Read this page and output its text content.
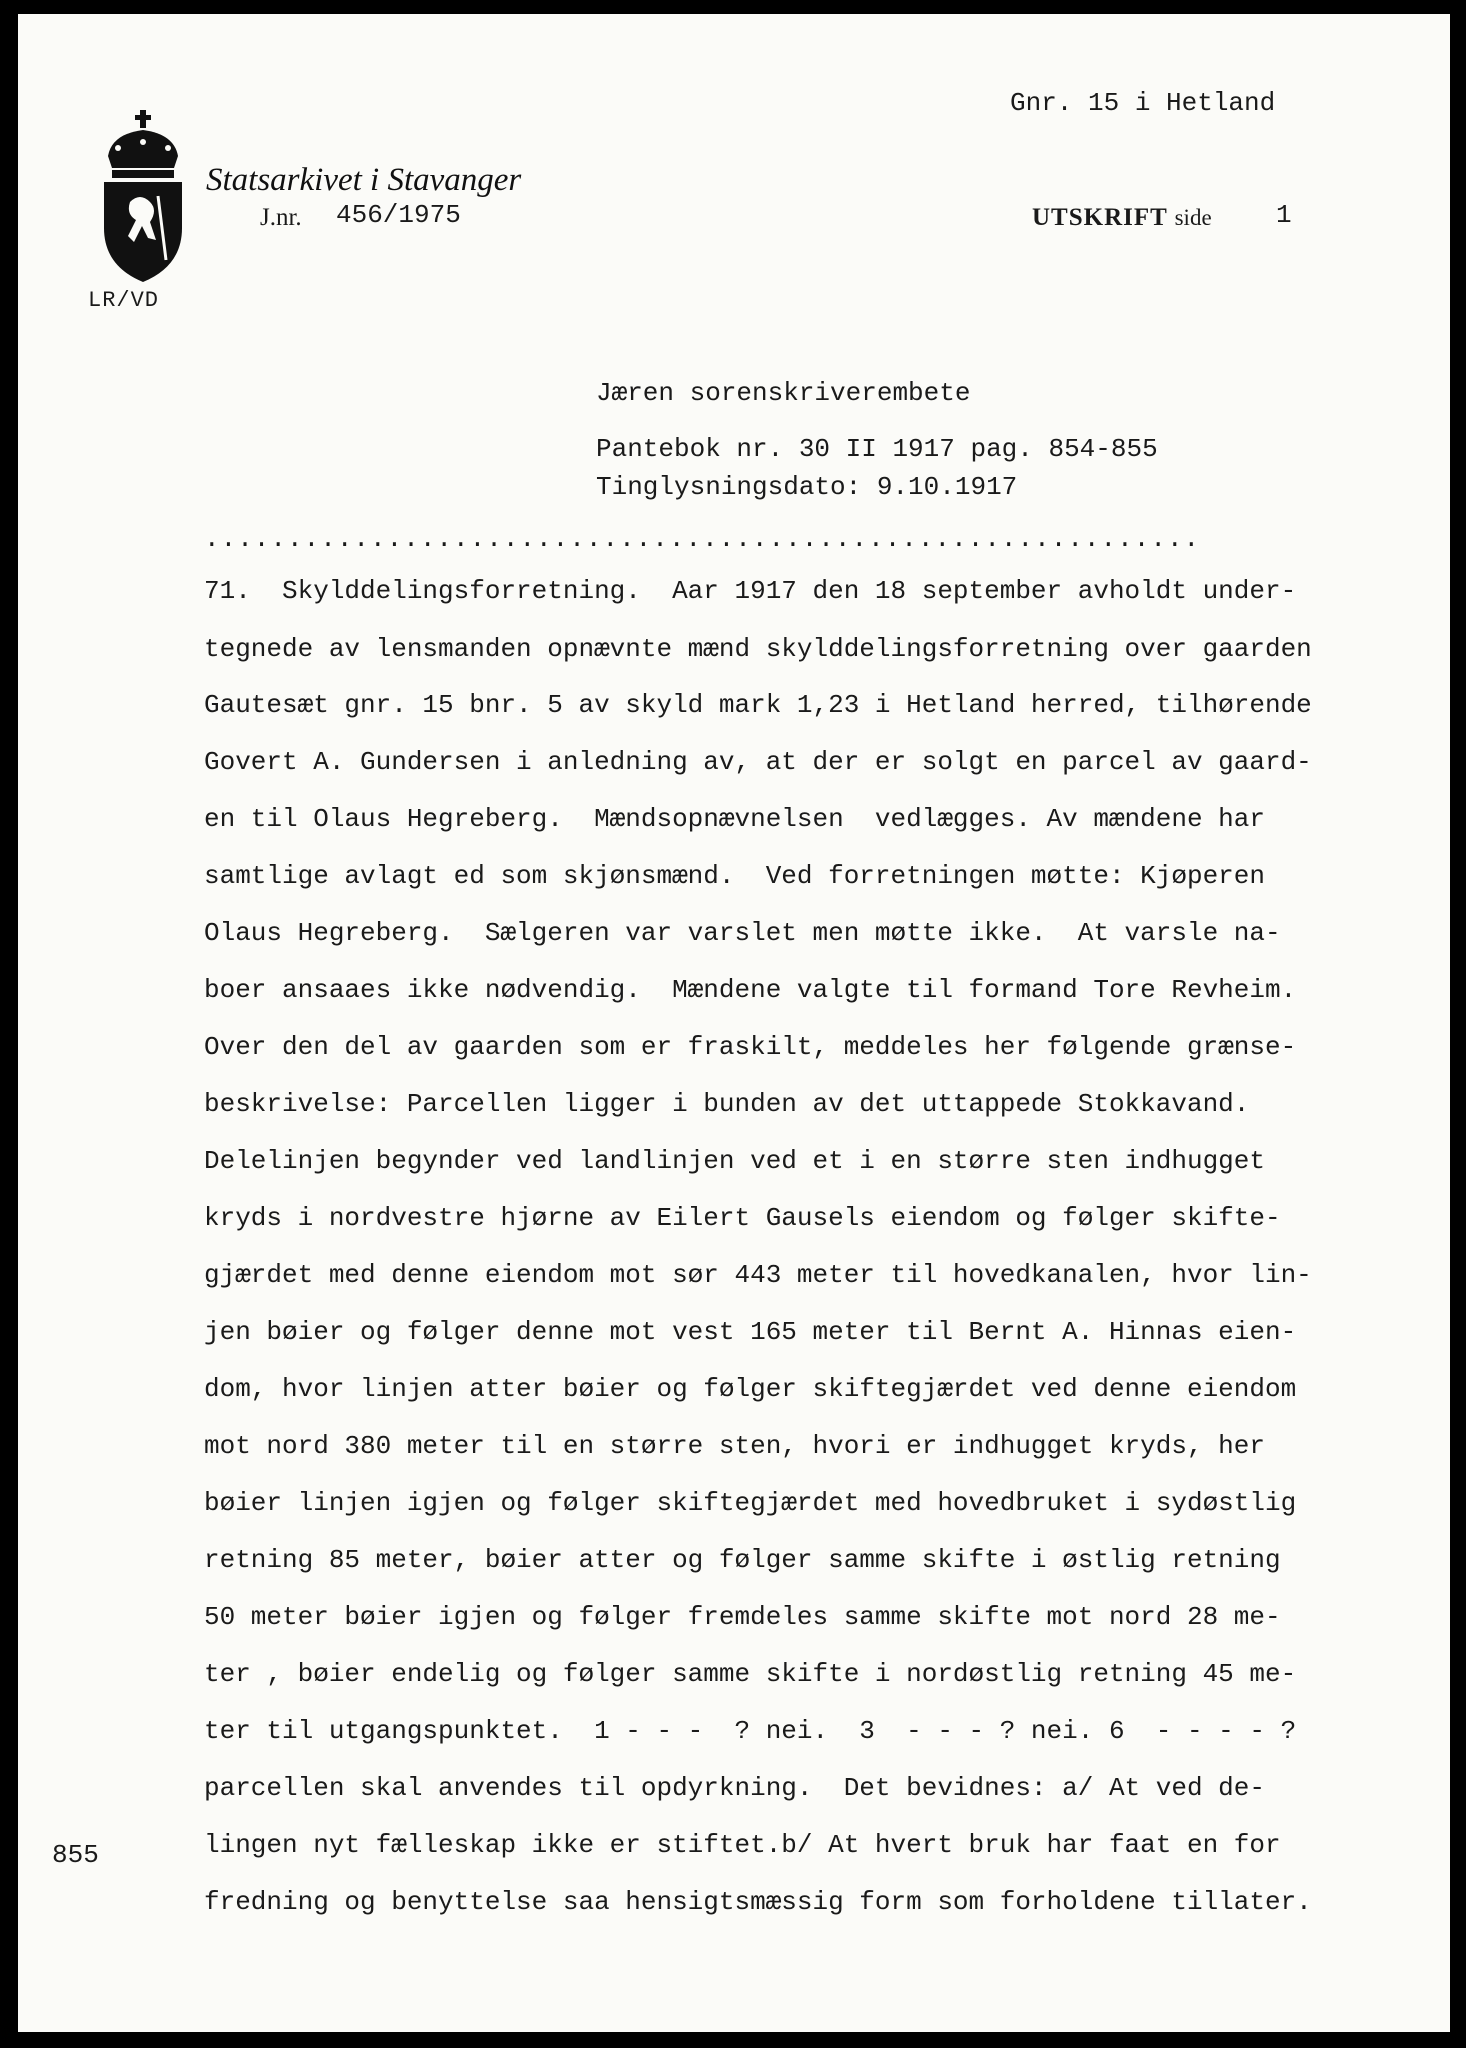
LR/VD
Statsarkivet i Stavanger
J.nr. 456/1975
Gnr. 15 i Hetland
UTSKRIFT side 1
Jæren sorenskriverembete
Pantebok nr. 30 II 1917 pag. 854-855
Tinglysningsdato: 9.10.1917
............................................................
71.  Skylddelingsforretning.  Aar 1917 den 18 september avholdt under-
tegnede av lensmanden opnævnte mænd skylddelingsforretning over gaarden
Gautesæt gnr. 15 bnr. 5 av skyld mark 1,23 i Hetland herred, tilhørende
Govert A. Gundersen i anledning av, at der er solgt en parcel av gaard-
en til Olaus Hegreberg.  Mændsopnævnelsen  vedlægges. Av mændene har
samtlige avlagt ed som skjønsmænd.  Ved forretningen møtte: Kjøperen
Olaus Hegreberg.  Sælgeren var varslet men møtte ikke.  At varsle na-
boer ansaaes ikke nødvendig.  Mændene valgte til formand Tore Revheim.
Over den del av gaarden som er fraskilt, meddeles her følgende grænse-
beskrivelse: Parcellen ligger i bunden av det uttappede Stokkavand.
Delelinjen begynder ved landlinjen ved et i en større sten indhugget
kryds i nordvestre hjørne av Eilert Gausels eiendom og følger skifte-
gjærdet med denne eiendom mot sør 443 meter til hovedkanalen, hvor lin-
jen bøier og følger denne mot vest 165 meter til Bernt A. Hinnas eien-
dom, hvor linjen atter bøier og følger skiftegjærdet ved denne eiendom
mot nord 380 meter til en større sten, hvori er indhugget kryds, her
bøier linjen igjen og følger skiftegjærdet med hovedbruket i sydøstlig
retning 85 meter, bøier atter og følger samme skifte i østlig retning
50 meter bøier igjen og følger fremdeles samme skifte mot nord 28 me-
ter , bøier endelig og følger samme skifte i nordøstlig retning 45 me-
ter til utgangspunktet.  1 - - -  ? nei.  3  - - - ? nei. 6  - - - - ?
parcellen skal anvendes til opdyrkning.  Det bevidnes: a/ At ved de-
lingen nyt fælleskap ikke er stiftet.b/ At hvert bruk har faat en for
fredning og benyttelse saa hensigtsmæssig form som forholdene tillater.
855
